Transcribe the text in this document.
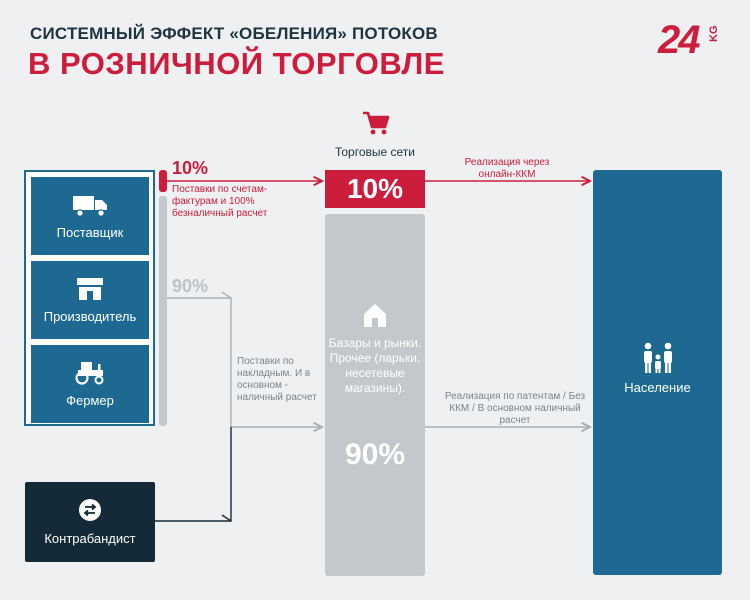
СИСТЕМНЫЙ ЭФФЕКТ «ОБЕЛЕНИЯ» ПОТОКОВ
В РОЗНИЧНОЙ ТОРГОВЛЕ
24 KG
Поставщик
Производитель
Фермер
10%
Поставки по счетам-фактурам и 100% безналичный расчет
90%
Поставки по накладным. И в основном - наличный расчет
Торговые сети
10%
Базары и рынки. Прочее (ларьки, несетевые магазины).
90%
Реализация через онлайн-ККМ
Реализация по патентам / Без ККМ / В основном наличный расчет
Население
Контрабандист
